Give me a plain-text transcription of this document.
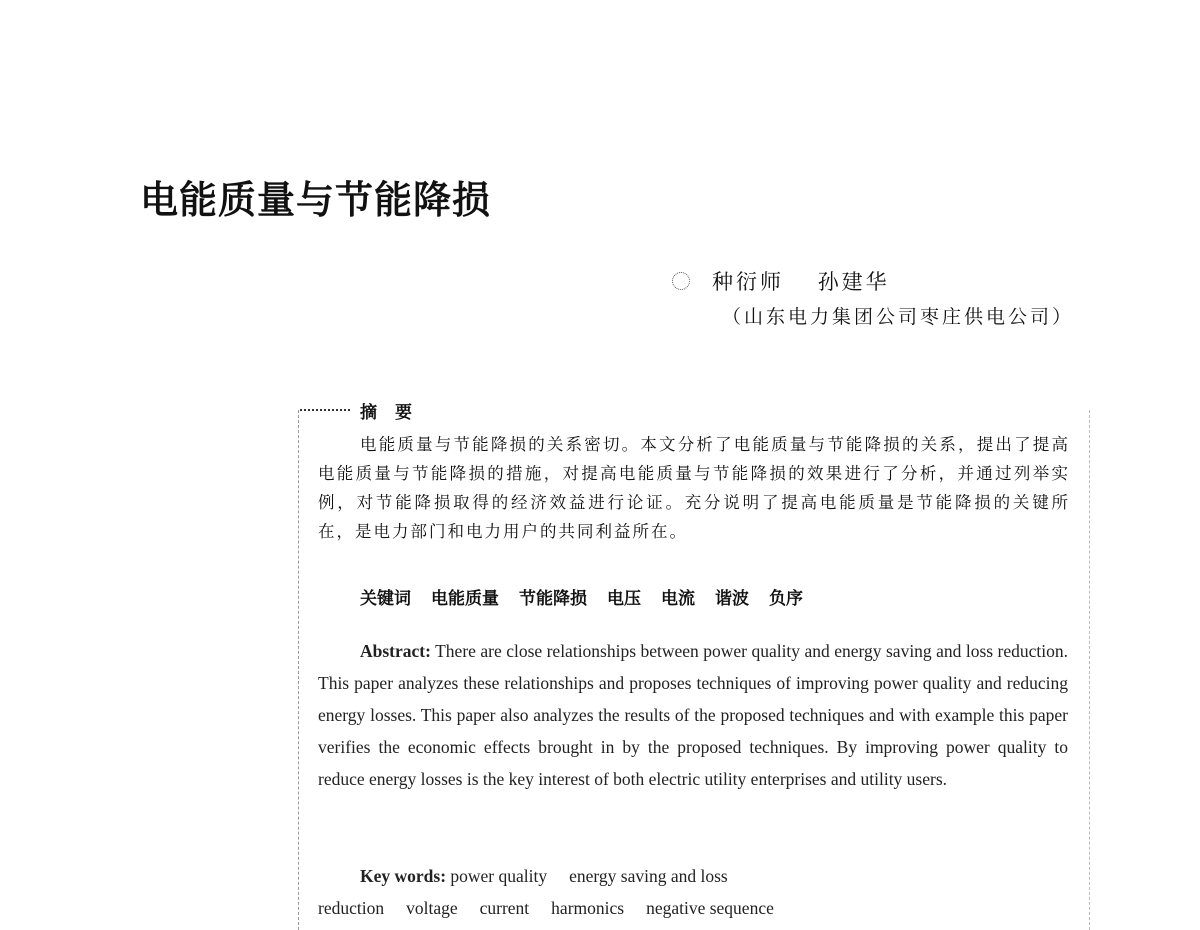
电能质量与节能降损
种衍师 孙建华
（山东电力集团公司枣庄供电公司）
摘要

电能质量与节能降损的关系密切。本文分析了电能质量与节能降损的关系，提出了提高电能质量与节能降损的措施，对提高电能质量与节能降损的效果进行了分析，并通过列举实例，对节能降损取得的经济效益进行论证。充分说明了提高电能质量是节能降损的关键所在，是电力部门和电力用户的共同利益所在。

关键词 电能质量 节能降损 电压 电流 谐波 负序

Abstract: There are close relationships between power quality and energy saving and loss reduction. This paper analyzes these relationships and proposes techniques of improving power quality and reducing energy losses. This paper also analyzes the results of the proposed techniques and with example this paper verifies the economic effects brought in by the proposed techniques. By improving power quality to reduce energy losses is the key interest of both electric utility enterprises and utility users.

Key words: power quality energy saving and loss reduction voltage current harmonics negative sequence
